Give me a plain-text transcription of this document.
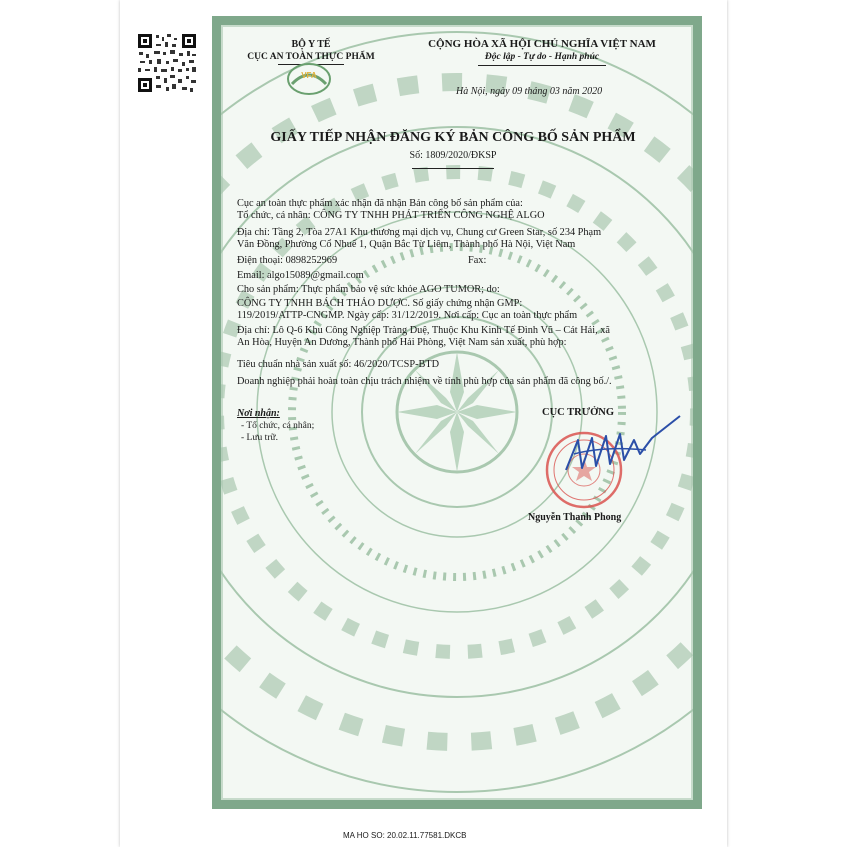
BỘ Y TẾ
CỤC AN TOÀN THỰC PHẨM
VFA
CỘNG HÒA XÃ HỘI CHỦ NGHĨA VIỆT NAM
Độc lập - Tự do - Hạnh phúc
Hà Nội, ngày 09 tháng 03 năm 2020
GIẤY TIẾP NHẬN ĐĂNG KÝ BẢN CÔNG BỐ SẢN PHẨM
Số: 1809/2020/ĐKSP
Cục an toàn thực phẩm xác nhận đã nhận Bản công bố sản phẩm của:
Tổ chức, cá nhân: CÔNG TY TNHH PHÁT TRIỂN CÔNG NGHỆ ALGO
Địa chỉ: Tầng 2, Tòa 27A1 Khu thương mại dịch vụ, Chung cư Green Star, số 234 Phạm
Văn Đồng, Phường Cổ Nhuế 1, Quận Bắc Từ Liêm, Thành phố Hà Nội, Việt Nam
Điện thoại: 0898252969	Fax:
Email: algo15089@gmail.com
Cho sản phẩm: Thực phẩm bảo vệ sức khỏe AGO TUMOR; do:
CÔNG TY TNHH BÁCH THẢO DƯỢC. Số giấy chứng nhận GMP:
119/2019/ATTP-CNGMP. Ngày cấp: 31/12/2019. Nơi cấp: Cục an toàn thực phẩm
Địa chỉ: Lô Q-6 Khu Công Nghiệp Tràng Duệ, Thuộc Khu Kinh Tế Đình Vũ – Cát Hải, xã
An Hòa, Huyện An Dương, Thành phố Hải Phòng, Việt Nam sản xuất, phù hợp:
Tiêu chuẩn nhà sản xuất số: 46/2020/TCSP-BTD
Doanh nghiệp phải hoàn toàn chịu trách nhiệm về tính phù hợp của sản phẩm đã công bố./.
Nơi nhận:
- Tổ chức, cá nhân;
- Lưu trữ.
CỤC TRƯỞNG
Nguyễn Thanh Phong
MA HO SO: 20.02.11.77581.DKCB
